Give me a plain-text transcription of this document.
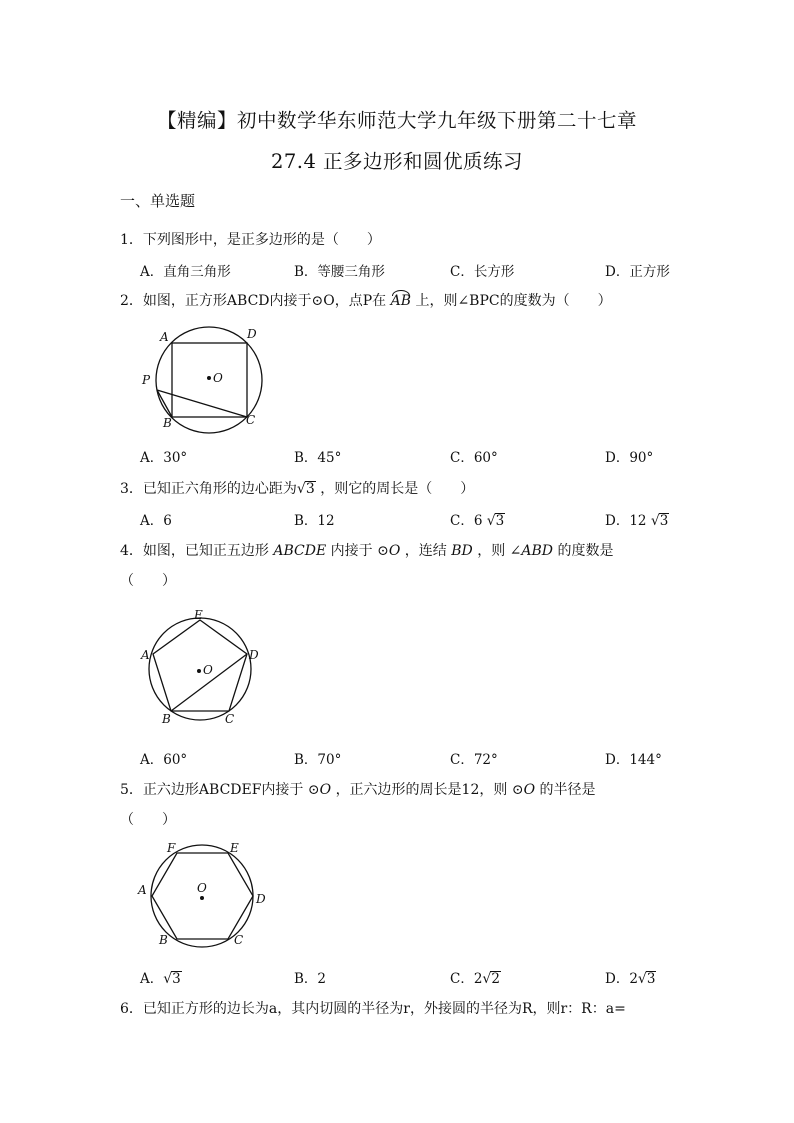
【精编】初中数学华东师范大学九年级下册第二十七章
27.4 正多边形和圆优质练习
一、单选题
1．下列图形中，是正多边形的是（　　）
A．直角三角形	B．等腰三角形	C．长方形	D．正方形
2．如图，正方形ABCD内接于⊙O，点P在 AB 上，则∠BPC的度数为（　　）
A	D
P	O
B	C
A．30°	B．45°	C．60°	D．90°
3．已知正六角形的边心距为√3 ，则它的周长是（　　）
A．6	B．12	C．6 √3	D．12 √3
4．如图，已知正五边形 ABCDE 内接于 ⊙O ，连结 BD ，则 ∠ABD 的度数是
（　　）
E
A	D
O
B	C
A．60°	B．70°	C．72°	D．144°
5．正六边形ABCDEF内接于 ⊙O ，正六边形的周长是12，则 ⊙O 的半径是
（　　）
F	E
A	O
D
B	C
A．√3	B．2	C．2√2	D．2√3
6．已知正方形的边长为a，其内切圆的半径为r，外接圆的半径为R，则r：R：a=
